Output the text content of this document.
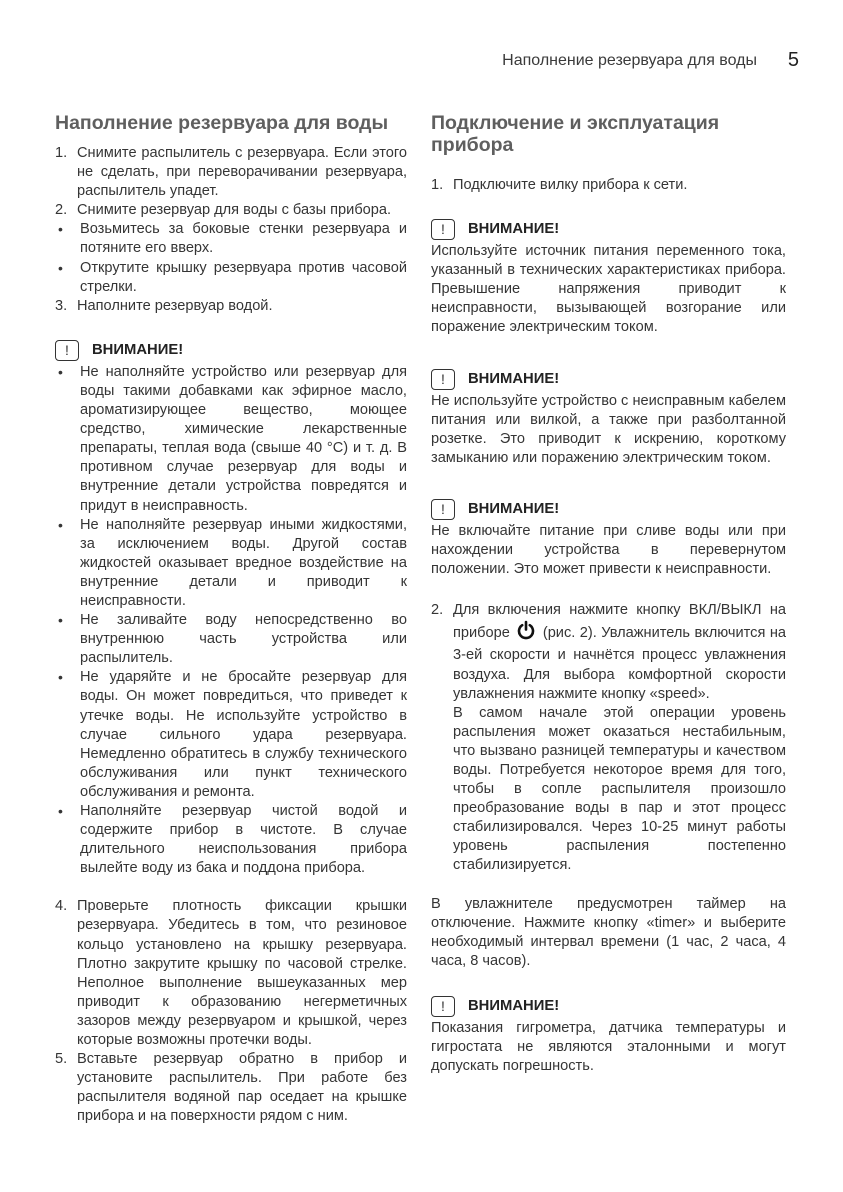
Наполнение резервуара для воды 5
Наполнение резервуара для воды
1. Снимите распылитель с резервуара. Если этого не сделать, при переворачивании резервуара, распылитель упадет.
2. Снимите резервуар для воды с базы прибора.
•	Возьмитесь за боковые стенки резервуара и потяните его вверх.
•	Открутите крышку резервуара против часовой стрелки.
3. Наполните резервуар водой.
!	ВНИМАНИЕ!
•	Не наполняйте устройство или резервуар для воды такими добавками как эфирное масло, ароматизирующее вещество, моющее средство, химические лекарственные препараты, теплая вода (свыше 40 °С) и т. д. В противном случае резервуар для воды и внутренние детали устройства повредятся и придут в неисправность.
•	Не наполняйте резервуар иными жидкостями, за исключением воды. Другой состав жидкостей оказывает вредное воздействие на внутренние детали и приводит к неисправности.
•	Не заливайте воду непосредственно во внутреннюю часть устройства или распылитель.
•	Не ударяйте и не бросайте резервуар для воды. Он может повредиться, что приведет к утечке воды. Не используйте устройство в случае сильного удара резервуара. Немедленно обратитесь в службу технического обслуживания или пункт технического обслуживания и ремонта.
•	Наполняйте резервуар чистой водой и содержите прибор в чистоте. В случае длительного неиспользования прибора вылейте воду из бака и поддона прибора.
4. Проверьте плотность фиксации крышки резервуара. Убедитесь в том, что резиновое кольцо установлено на крышку резервуара. Плотно закрутите крышку по часовой стрелке. Неполное выполнение вышеуказанных мер приводит к образованию негерметичных зазоров между резервуаром и крышкой, через которые возможны протечки воды.
5. Вставьте резервуар обратно в прибор и установите распылитель. При работе без распылителя водяной пар оседает на крышке прибора и на поверхности рядом с ним.
Подключение и эксплуатация прибора
1. Подключите вилку прибора к сети.
!	ВНИМАНИЕ!
Используйте источник питания переменного тока, указанный в технических характеристиках прибора. Превышение напряжения приводит к неисправности, вызывающей возгорание или поражение электрическим током.
!	ВНИМАНИЕ!
Не используйте устройство с неисправным кабелем питания или вилкой, а также при разболтанной розетке. Это приводит к искрению, короткому замыканию или поражению электрическим током.
!	ВНИМАНИЕ!
Не включайте питание при сливе воды или при нахождении устройства в перевернутом положении. Это может привести к неисправности.
2. Для включения нажмите кнопку ВКЛ/ВЫКЛ на приборе (рис. 2). Увлажнитель включится на 3-ей скорости и начнётся процесс увлажнения воздуха. Для выбора комфортной скорости увлажнения нажмите кнопку «speed».
В самом начале этой операции уровень распыления может оказаться нестабильным, что вызвано разницей температуры и качеством воды. Потребуется некоторое время для того, чтобы в сопле распылителя произошло преобразование воды в пар и этот процесс стабилизировался. Через 10-25 минут работы уровень распыления постепенно стабилизируется.
В увлажнителе предусмотрен таймер на отключение. Нажмите кнопку «timer» и выберите необходимый интервал времени (1 час, 2 часа, 4 часа, 8 часов).
!	ВНИМАНИЕ!
Показания гигрометра, датчика температуры и гигростата не являются эталонными и могут допускать погрешность.
